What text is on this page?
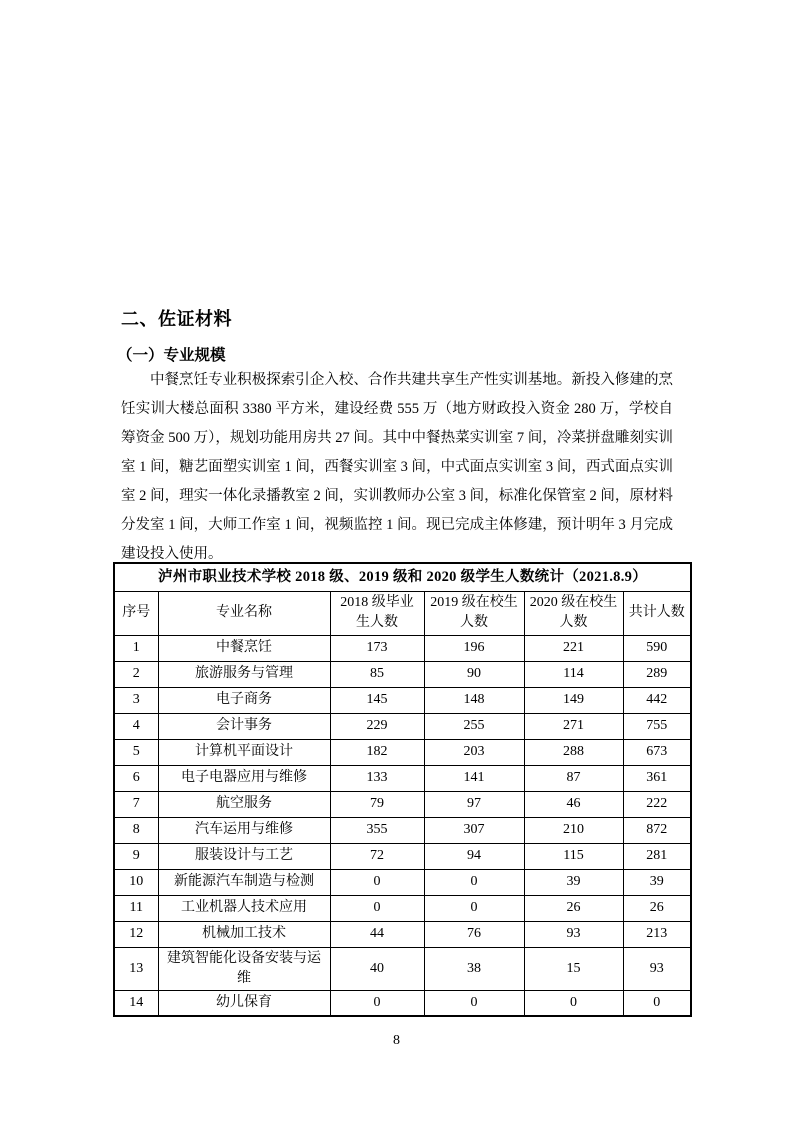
二、佐证材料
（一）专业规模
中餐烹饪专业积极探索引企入校、合作共建共享生产性实训基地。新投入修建的烹饪实训大楼总面积 3380 平方米，建设经费 555 万（地方财政投入资金 280 万，学校自筹资金 500 万），规划功能用房共 27 间。其中中餐热菜实训室 7 间，冷菜拼盘雕刻实训室 1 间，糖艺面塑实训室 1 间，西餐实训室 3 间，中式面点实训室 3 间，西式面点实训室 2 间，理实一体化录播教室 2 间，实训教师办公室 3 间，标准化保管室 2 间，原材料分发室 1 间，大师工作室 1 间，视频监控 1 间。现已完成主体修建，预计明年 3 月完成建设投入使用。
泸州市职业技术学校 2018 级、2019 级和 2020 级学生人数统计（2021.8.9）					
序号	专业名称	2018 级毕业生人数	2019 级在校生人数	2020 级在校生人数	共计人数
1	中餐烹饪	173	196	221	590
2	旅游服务与管理	85	90	114	289
3	电子商务	145	148	149	442
4	会计事务	229	255	271	755
5	计算机平面设计	182	203	288	673
6	电子电器应用与维修	133	141	87	361
7	航空服务	79	97	46	222
8	汽车运用与维修	355	307	210	872
9	服装设计与工艺	72	94	115	281
10	新能源汽车制造与检测	0	0	39	39
11	工业机器人技术应用	0	0	26	26
12	机械加工技术	44	76	93	213
13	建筑智能化设备安装与运维	40	38	15	93
14	幼儿保育	0	0	0	0
8
